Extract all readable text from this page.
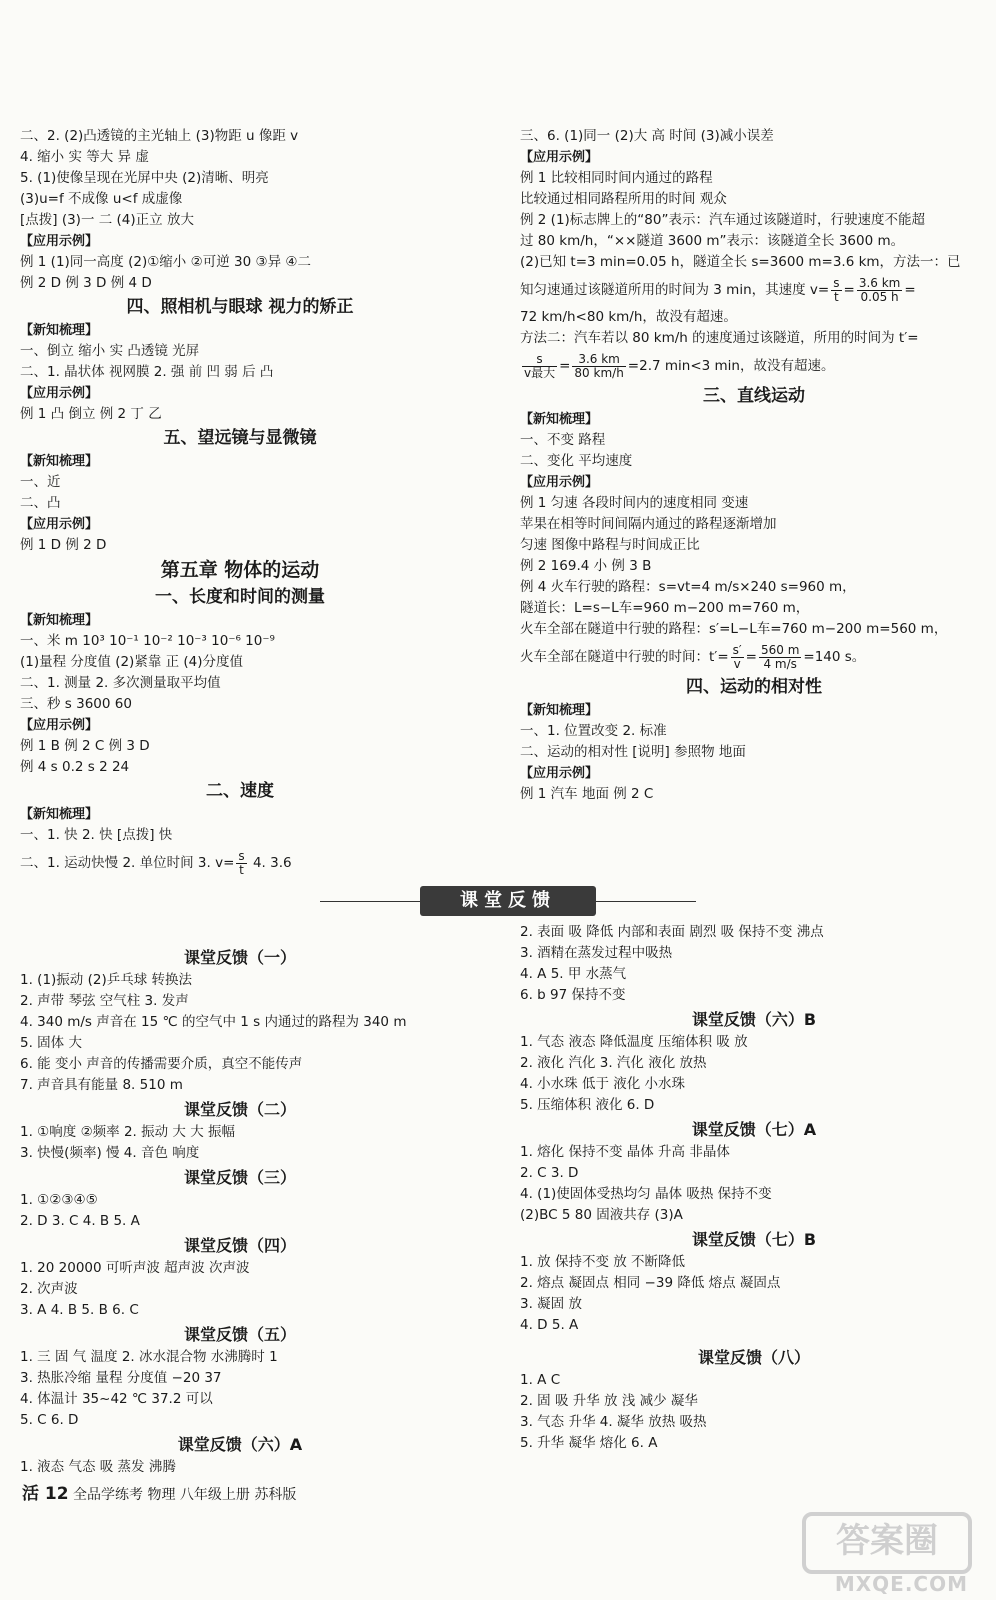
二、2. (2)凸透镜的主光轴上 (3)物距 u 像距 v
4. 缩小 实 等大 异 虚
5. (1)使像呈现在光屏中央 (2)清晰、明亮
(3)u=f 不成像 u<f 成虚像
[点拨] (3)一 二 (4)正立 放大
【应用示例】
例 1 (1)同一高度 (2)①缩小 ②可逆 30 ③异 ④二
例 2 D 例 3 D 例 4 D
四、照相机与眼球 视力的矫正
【新知梳理】
一、倒立 缩小 实 凸透镜 光屏
二、1. 晶状体 视网膜 2. 强 前 凹 弱 后 凸
【应用示例】
例 1 凸 倒立 例 2 丁 乙
五、望远镜与显微镜
【新知梳理】
一、近
二、凸
【应用示例】
例 1 D 例 2 D
第五章 物体的运动
一、长度和时间的测量
【新知梳理】
一、米 m 10³ 10⁻¹ 10⁻² 10⁻³ 10⁻⁶ 10⁻⁹
(1)量程 分度值 (2)紧靠 正 (4)分度值
二、1. 测量 2. 多次测量取平均值
三、秒 s 3600 60
【应用示例】
例 1 B 例 2 C 例 3 D
例 4 s 0.2 s 2 24
二、速度
【新知梳理】
一、1. 快 2. 快 [点拨] 快
二、1. 运动快慢 2. 单位时间 3. $v= \frac{s}{t} 4$. 3.6
三、6. (1)同一 (2)大 高 时间 (3)减小误差
【应用示例】
例 1 比较相同时间内通过的路程
比较通过相同路程所用的时间 观众
例 2 (1)标志牌上的“80”表示：汽车通过该隧道时，行驶速度不能超
过 80 km/h，“××隧道 3600 m”表示：该隧道全长 3600 m。
(2)已知 t=3 min=0.05 h，隧道全长 s=3600 m=3.6 km，方法一：已
知匀速通过该隧道所用的时间为 3 min，其速度 $v= \frac{s}{t} = \frac{3.6 km}{0.05 h}$ =
72 km/h<80 km/h，故没有超速。
方法二：汽车若以 80 km/h 的速度通过该隧道，所用的时间为 t′=
s
v最大 = $\frac{3.6 km}{80 km/h} =2.7$ min<3 min，故没有超速。
三、直线运动
【新知梳理】
一、不变 路程
二、变化 平均速度
【应用示例】
例 1 匀速 各段时间内的速度相同 变速
苹果在相等时间间隔内通过的路程逐渐增加
匀速 图像中路程与时间成正比
例 2 169.4 小 例 3 B
例 4 火车行驶的路程：s=vt=4 m/s×240 s=960 m，
隧道长：L=s−L车=960 m−200 m=760 m，
火车全部在隧道中行驶的路程：s′=L−L车=760 m−200 m=560 m，
火车全部在隧道中行驶的时间：$t'= \frac{s'}{v} = \frac{560 m}{4 m/s} =140$ s。
四、运动的相对性
【新知梳理】
一、1. 位置改变 2. 标准
二、运动的相对性 [说明] 参照物 地面
【应用示例】
例 1 汽车 地面 例 2 C
课堂反馈
课堂反馈（一）
1. (1)振动 (2)乒乓球 转换法
2. 声带 琴弦 空气柱 3. 发声
4. 340 m/s 声音在 15 ℃ 的空气中 1 s 内通过的路程为 340 m
5. 固体 大
6. 能 变小 声音的传播需要介质，真空不能传声
7. 声音具有能量 8. 510 m
课堂反馈（二）
1. ①响度 ②频率 2. 振动 大 大 振幅
3. 快慢(频率) 慢 4. 音色 响度
课堂反馈（三）
1. ①②③④⑤
2. D 3. C 4. B 5. A
课堂反馈（四）
1. 20 20000 可听声波 超声波 次声波
2. 次声波
3. A 4. B 5. B 6. C
课堂反馈（五）
1. 三 固 气 温度 2. 冰水混合物 水沸腾时 1
3. 热胀冷缩 量程 分度值 −20 37
4. 体温计 35~42 ℃ 37.2 可以
5. C 6. D
课堂反馈（六）A
1. 液态 气态 吸 蒸发 沸腾
2. 表面 吸 降低 内部和表面 剧烈 吸 保持不变 沸点
3. 酒精在蒸发过程中吸热
4. A 5. 甲 水蒸气
6. b 97 保持不变
课堂反馈（六）B
1. 气态 液态 降低温度 压缩体积 吸 放
2. 液化 汽化 3. 汽化 液化 放热
4. 小水珠 低于 液化 小水珠
5. 压缩体积 液化 6. D
课堂反馈（七）A
1. 熔化 保持不变 晶体 升高 非晶体
2. C 3. D
4. (1)使固体受热均匀 晶体 吸热 保持不变
(2)BC 5 80 固液共存 (3)A
课堂反馈（七）B
1. 放 保持不变 放 不断降低
2. 熔点 凝固点 相同 −39 降低 熔点 凝固点
3. 凝固 放
4. D 5. A
课堂反馈（八）
1. A C
2. 固 吸 升华 放 浅 减少 凝华
3. 气态 升华 4. 凝华 放热 吸热
5. 升华 凝华 熔化 6. A
活 12 全品学练考 物理 八年级上册 苏科版
答案圈
MXQE.COM
